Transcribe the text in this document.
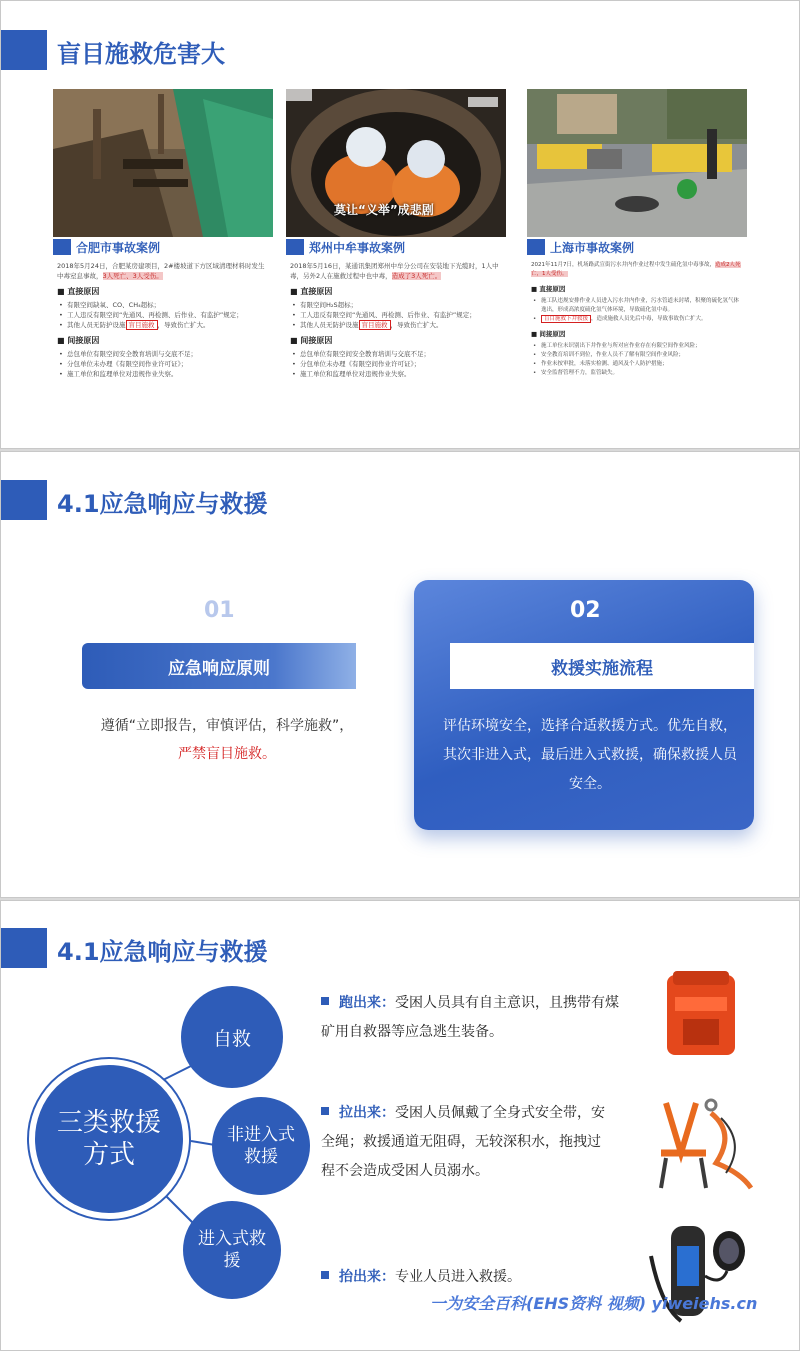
盲目施救危害大
合肥市事故案例
2018年5月24日，合肥某房建项目，2#楼坡道下方区域清理材料时发生中毒窒息事故，3人死亡、3人受伤。
■ 直接原因
• 有限空间缺氧、CO、CH₄超标；
• 工人违反有限空间“先通风、再检测、后作业、有监护”规定；
• 其他人员无防护设施 盲目施救 ，导致伤亡扩大。
■ 间接原因
• 总包单位有限空间安全教育培训与交底不足；
• 分包单位未办理《有限空间作业许可证》；
• 施工单位和监理单位对违规作业失察。
莫让“义举”成悲剧
郑州中牟事故案例
2018年5月16日，某通讯集团郑州中牟分公司在安装地下光缆时，1人中毒，另外2人在施救过程中也中毒，造成了3人死亡。
■ 直接原因
• 有限空间H₂S超标；
• 工人违反有限空间“先通风、再检测、后作业、有监护”规定；
• 其他人员无防护设施 盲目施救 ，导致伤亡扩大。
■ 间接原因
• 总包单位有限空间安全教育培训与交底不足；
• 分包单位未办理《有限空间作业许可证》；
• 施工单位和监理单位对违规作业失察。
上海市事故案例
2021年11月7日，机场路武宣街污水井内作业过程中发生硫化氢中毒事故，造成2人死亡，1人受伤。
■ 直接原因
• 施工队违规安排作业人员进入污水井内作业，污水管道未封堵，积聚的硫化氢气体逸出，形成高浓度硫化氢气体环境，导致硫化氢中毒。
• 盲目施救下井救援 ，造成施救人员先后中毒，导致事故伤亡扩大。
■ 间接原因
• 施工单位未识别出下井作业与所对应作业存在有限空间作业风险；
• 安全教育培训不到位，作业人员不了解有限空间作业风险；
• 作业未按审批，未落实检测、通风及个人防护措施；
• 安全监督管理不力，监管缺失。
4.1应急响应与救援
01
应急响应原则
遵循“立即报告，审慎评估，科学施救”，
严禁盲目施救。
02
救援实施流程
评估环境安全，选择合适救援方式。优先自救，其次非进入式，最后进入式救援，确保救援人员安全。
4.1应急响应与救援
三类救援方式
自救
非进入式救援
进入式救援
跑出来：受困人员具有自主意识，且携带有煤矿用自救器等应急逃生装备。
拉出来：受困人员佩戴了全身式安全带，安全绳；救援通道无阻碍，无较深积水，拖拽过程不会造成受困人员溺水。
抬出来：专业人员进入救援。
一为安全百科(EHS资料 视频) yiweiehs.cn
